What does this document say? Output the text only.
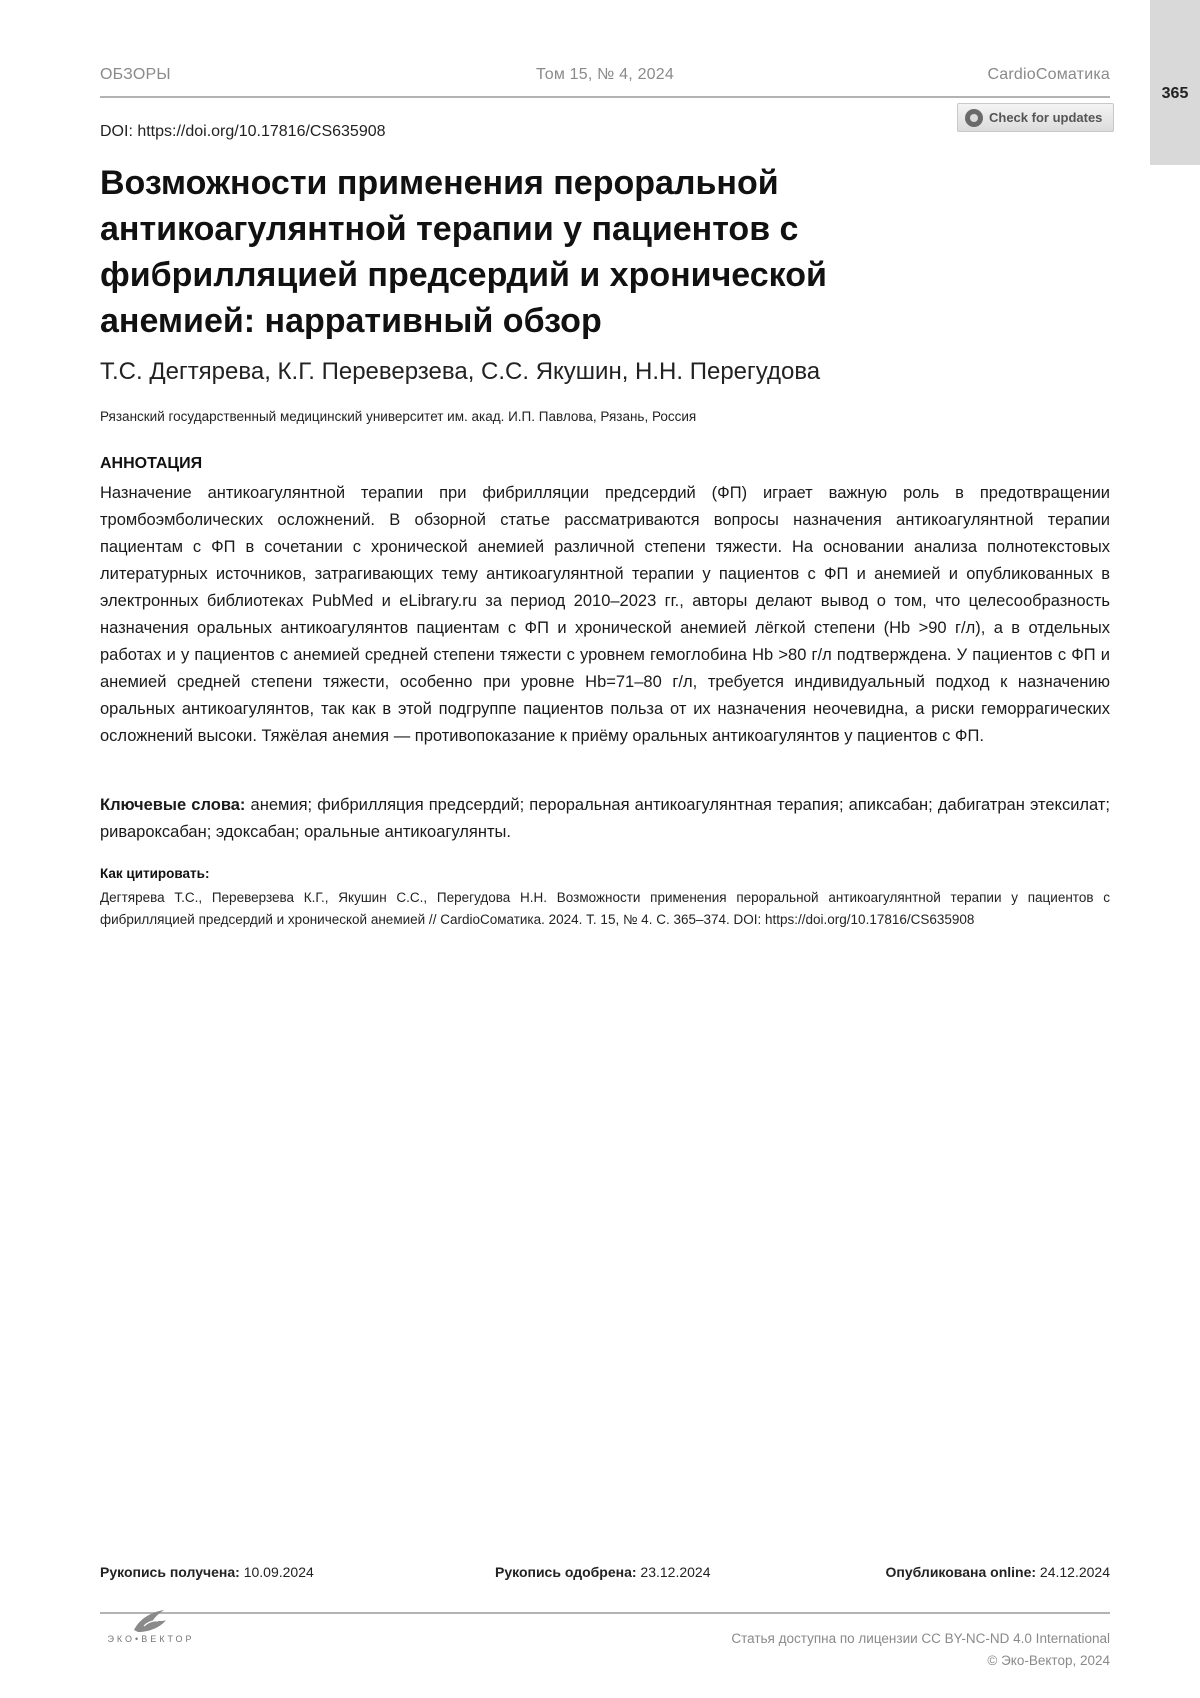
365
ОБЗОРЫ	Том 15, № 4, 2024	CardioСоматика
DOI: https://doi.org/10.17816/CS635908
Check for updates
Возможности применения пероральной антикоагулянтной терапии у пациентов с фибрилляцией предсердий и хронической анемией: нарративный обзор
Т.С. Дегтярева, К.Г. Переверзева, С.С. Якушин, Н.Н. Перегудова
Рязанский государственный медицинский университет им. акад. И.П. Павлова, Рязань, Россия
АННОТАЦИЯ

Назначение антикоагулянтной терапии при фибрилляции предсердий (ФП) играет важную роль в предотвращении тромбоэмболических осложнений. В обзорной статье рассматриваются вопросы назначения антикоагулянтной терапии пациентам с ФП в сочетании с хронической анемией различной степени тяжести. На основании анализа полнотекстовых литературных источников, затрагивающих тему антикоагулянтной терапии у пациентов с ФП и анемией и опубликованных в электронных библиотеках PubMed и eLibrary.ru за период 2010–2023 гг., авторы делают вывод о том, что целесообразность назначения оральных антикоагулянтов пациентам с ФП и хронической анемией лёгкой степени (Hb >90 г/л), а в отдельных работах и у пациентов с анемией средней степени тяжести с уровнем гемоглобина Hb >80 г/л подтверждена. У пациентов с ФП и анемией средней степени тяжести, особенно при уровне Hb=71–80 г/л, требуется индивидуальный подход к назначению оральных антикоагулянтов, так как в этой подгруппе пациентов польза от их назначения неочевидна, а риски геморрагических осложнений высоки. Тяжёлая анемия — противопоказание к приёму оральных антикоагулянтов у пациентов с ФП.

Ключевые слова: анемия; фибрилляция предсердий; пероральная антикоагулянтная терапия; апиксабан; дабигатран этексилат; ривароксабан; эдоксабан; оральные антикоагулянты.

Как цитировать:

Дегтярева Т.С., Переверзева К.Г., Якушин С.С., Перегудова Н.Н. Возможности применения пероральной антикоагулянтной терапии у пациентов с фибрилляцией предсердий и хронической анемией // CardioСоматика. 2024. Т. 15, № 4. С. 365–374. DOI: https://doi.org/10.17816/CS635908

Рукопись получена: 10.09.2024	Рукопись одобрена: 23.12.2024	Опубликована online: 24.12.2024
ЭКО•ВЕКТОР	Статья доступна по лицензии CC BY-NC-ND 4.0 International
© Эко-Вектор, 2024
